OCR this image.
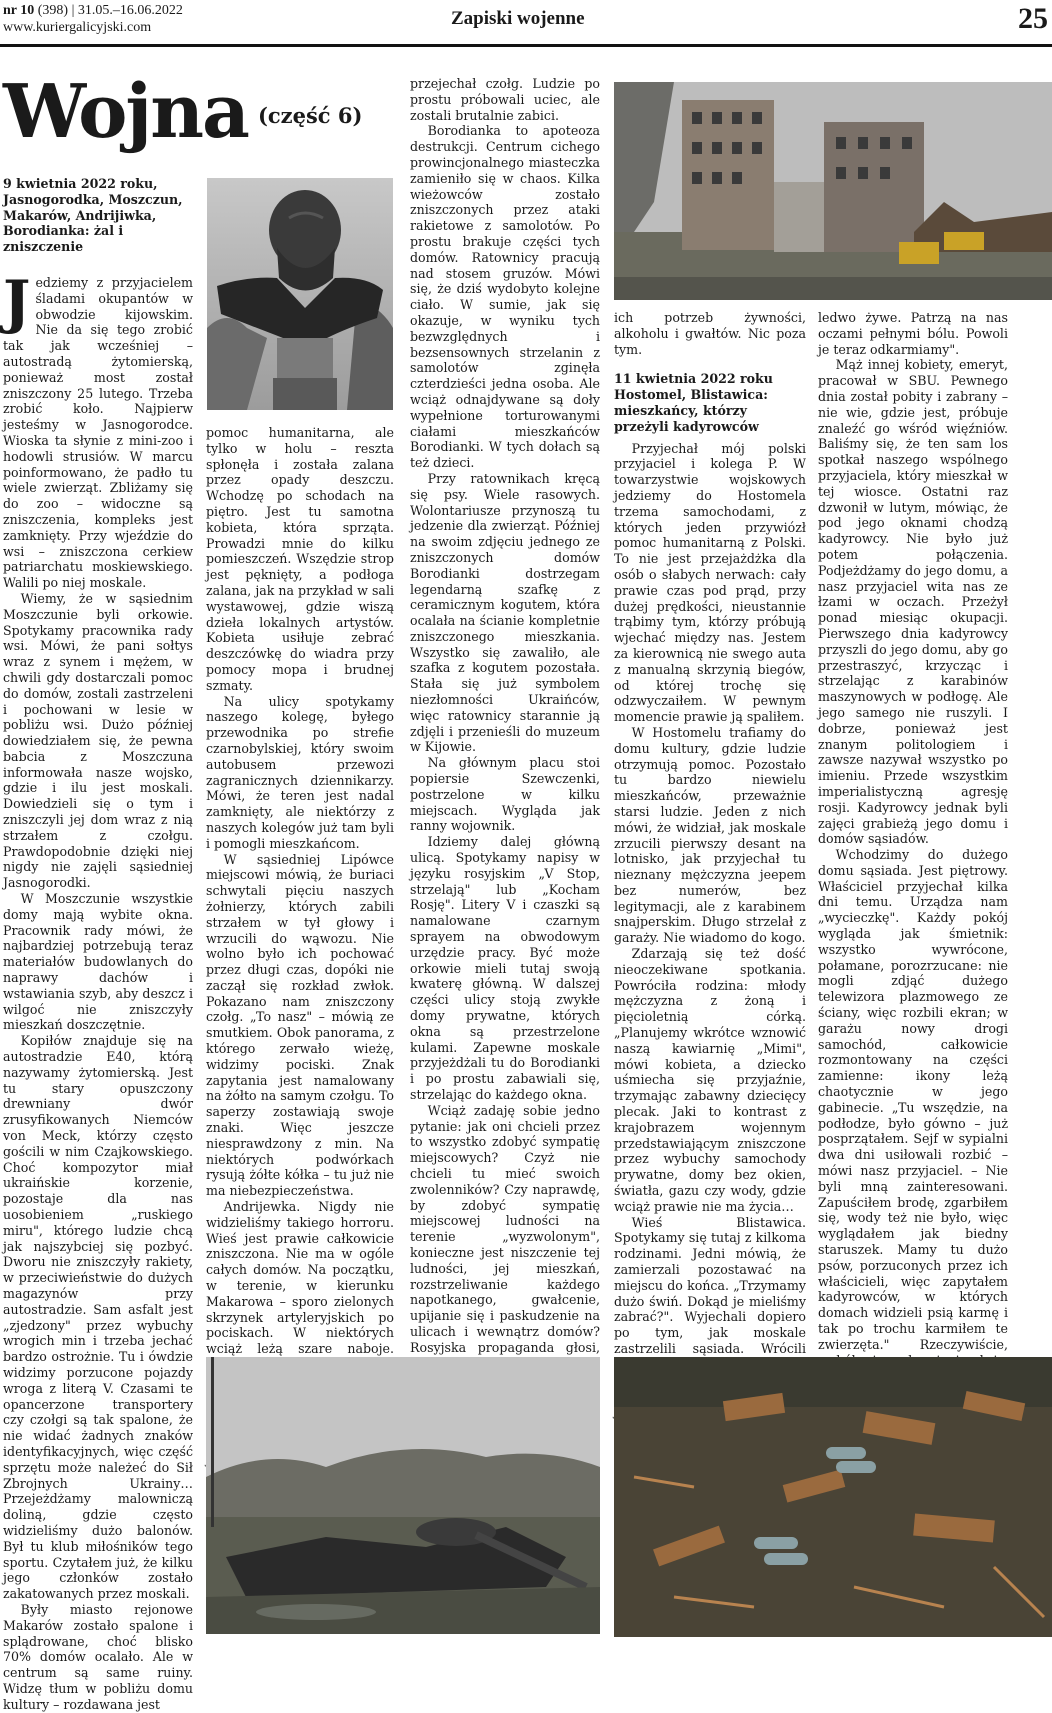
nr 10 (398) | 31.05.–16.06.2022
www.kuriergalicyjski.com	Zapiski wojenne	25
Wojna (część 6)
9 kwietnia 2022 roku, Jasnogorodka, Moszczun, Makarów, Andrijiwka, Borodianka: żal i zniszczenie

Jedziemy z przyjacielem śladami okupantów w obwodzie kijowskim. Nie da się tego zrobić tak jak wcześniej – autostradą żytomierską, ponieważ most został zniszczony 25 lutego. Trzeba zrobić koło. Najpierw jesteśmy w Jasnogorodce. Wioska ta słynie z mini-zoo i hodowli strusiów. W marcu poinformowano, że padło tu wiele zwierząt. Zbliżamy się do zoo – widoczne są zniszczenia, kompleks jest zamknięty. Przy wjeździe do wsi – zniszczona cerkiew patriarchatu moskiewskiego. Walili po niej moskale.

Wiemy, że w sąsiednim Moszczunie byli orkowie. Spotykamy pracownika rady wsi. Mówi, że pani sołtys wraz z synem i mężem, w chwili gdy dostarczali pomoc do domów, zostali zastrzeleni i pochowani w lesie w pobliżu wsi. Dużo później dowiedziałem się, że pewna babcia z Moszczuna informowała nasze wojsko, gdzie i ilu jest moskali. Dowiedzieli się o tym i zniszczyli jej dom wraz z nią strzałem z czołgu. Prawdopodobnie dzięki niej nigdy nie zajęli sąsiedniej Jasnogorodki.

W Moszczunie wszystkie domy mają wybite okna. Pracownik rady mówi, że najbardziej potrzebują teraz materiałów budowlanych do naprawy dachów i wstawiania szyb, aby deszcz i wilgoć nie zniszczyły mieszkań doszczętnie.

Kopiłów znajduje się na autostradzie E40, którą nazywamy żytomierską. Jest tu stary opuszczony drewniany dwór zrusyfikowanych Niemców von Meck, którzy często gościli w nim Czajkowskiego. Choć kompozytor miał ukraińskie korzenie, pozostaje dla nas uosobieniem „ruskiego miru", którego ludzie chcą jak najszybciej się pozbyć. Dworu nie zniszczyły rakiety, w przeciwieństwie do dużych magazynów przy autostradzie. Sam asfalt jest „zjedzony" przez wybuchy wrogich min i trzeba jechać bardzo ostrożnie. Tu i ówdzie widzimy porzucone pojazdy wroga z literą V. Czasami te opancerzone transportery czy czołgi są tak spalone, że nie widać żadnych znaków identyfikacyjnych, więc część sprzętu może należeć do Sił Zbrojnych Ukrainy… Przejeżdżamy malowniczą doliną, gdzie często widzieliśmy dużo balonów. Był tu klub miłośników tego sportu. Czytałem już, że kilku jego członków zostało zakatowanych przez moskali.

Były miasto rejonowe Makarów zostało spalone i splądrowane, choć blisko 70% domów ocalało. Ale w centrum są same ruiny. Widzę tłum w pobliżu domu kultury – rozdawana jest

pomoc humanitarna, ale tylko w holu – reszta spłonęła i została zalana przez opady deszczu. Wchodzę po schodach na piętro. Jest tu samotna kobieta, która sprząta. Prowadzi mnie do kilku pomieszczeń. Wszędzie strop jest pęknięty, a podłoga zalana, jak na przykład w sali wystawowej, gdzie wiszą dzieła lokalnych artystów. Kobieta usiłuje zebrać deszczówkę do wiadra przy pomocy mopa i brudnej szmaty.

Na ulicy spotykamy naszego kolegę, byłego przewodnika po strefie czarnobylskiej, który swoim autobusem przewozi zagranicznych dziennikarzy. Mówi, że teren jest nadal zamknięty, ale niektórzy z naszych kolegów już tam byli i pomogli mieszkańcom.

W sąsiedniej Lipówce miejscowi mówią, że buriaci schwytali pięciu naszych żołnierzy, których zabili strzałem w tył głowy i wrzucili do wąwozu. Nie wolno było ich pochować przez długi czas, dopóki nie zaczął się rozkład zwłok. Pokazano nam zniszczony czołg. „To nasz" – mówią ze smutkiem. Obok panorama, z którego zerwało wieżę, widzimy pociski. Znak zapytania jest namalowany na żółto na samym czołgu. To saperzy zostawiają swoje znaki. Więc jeszcze niesprawdzony z min. Na niektórych podwórkach rysują żółte kółka – tu już nie ma niebezpieczeństwa.

Andrijewka. Nigdy nie widzieliśmy takiego horroru. Wieś jest prawie całkowicie zniszczona. Nie ma w ogóle całych domów. Na początku, w terenie, w kierunku Makarowa – sporo zielonych skrzynek artyleryjskich po pociskach. W niektórych wciąż leżą szare naboje.

przejechał czołg. Ludzie po prostu próbowali uciec, ale zostali brutalnie zabici.

Borodianka to apoteoza destrukcji. Centrum cichego prowincjonalnego miasteczka zamieniło się w chaos. Kilka wieżowców zostało zniszczonych przez ataki rakietowe z samolotów. Po prostu brakuje części tych domów. Ratownicy pracują nad stosem gruzów. Mówi się, że dziś wydobyto kolejne ciało. W sumie, jak się okazuje, w wyniku tych bezwzględnych i bezsensownych strzelanin z samolotów zginęła czterdzieści jedna osoba. Ale wciąż odnajdywane są doły wypełnione torturowanymi ciałami mieszkańców Borodianki. W tych dołach są też dzieci.

Przy ratownikach kręcą się psy. Wiele rasowych. Wolontariusze przynoszą tu jedzenie dla zwierząt. Później na swoim zdjęciu jednego ze zniszczonych domów Borodianki dostrzegam legendarną szafkę z ceramicznym kogutem, która ocalała na ścianie kompletnie zniszczonego mieszkania. Wszystko się zawaliło, ale szafka z kogutem pozostała. Stała się już symbolem niezłomności Ukraińców, więc ratownicy starannie ją zdjęli i przenieśli do muzeum w Kijowie.

Na głównym placu stoi popiersie Szewczenki, postrzelone w kilku miejscach. Wygląda jak ranny wojownik.

Idziemy dalej główną ulicą. Spotykamy napisy w języku rosyjskim „V Stop, strzelają" lub „Kocham Rosję". Litery V i czaszki są namalowane czarnym sprayem na obwodowym urzędzie pracy. Być może orkowie mieli tutaj swoją kwaterę główną. W dalszej części ulicy stoją zwykłe domy prywatne, których okna są przestrzelone kulami. Zapewne moskale przyjeżdżali tu do Borodianki i po prostu zabawiali się, strzelając do każdego okna.

Wciąż zadaję sobie jedno pytanie: jak oni chcieli przez to wszystko zdobyć sympatię miejscowych? Czyż nie chcieli tu mieć swoich zwolenników? Czy naprawdę, by zdobyć sympatię miejscowej ludności na terenie „wyzwolonym", konieczne jest niszczenie tej ludności, jej mieszkań, rozstrzeliwanie każdego napotkanego, gwałcenie, upijanie się i paskudzenie na ulicach i wewnątrz domów? Rosyjska propaganda głosi,

ich potrzeb żywności, alkoholu i gwałtów. Nic poza tym.

11 kwietnia 2022 roku Hostomel, Blistawica: mieszkańcy, którzy przeżyli kadyrowców

Przyjechał mój polski przyjaciel i kolega P. W towarzystwie wojskowych jedziemy do Hostomela trzema samochodami, z których jeden przywiózł pomoc humanitarną z Polski. To nie jest przejażdżka dla osób o słabych nerwach: cały prawie czas pod prąd, przy dużej prędkości, nieustannie trąbimy tym, którzy próbują wjechać między nas. Jestem za kierownicą nie swego auta z manualną skrzynią biegów, od której trochę się odzwyczaiłem. W pewnym momencie prawie ją spaliłem.

W Hostomelu trafiamy do domu kultury, gdzie ludzie otrzymują pomoc. Pozostało tu bardzo niewielu mieszkańców, przeważnie starsi ludzie. Jeden z nich mówi, że widział, jak moskale zrzucili pierwszy desant na lotnisko, jak przyjechał tu nieznany mężczyzna jeepem bez numerów, bez legitymacji, ale z karabinem snajperskim. Długo strzelał z garaży. Nie wiadomo do kogo.

Zdarzają się też dość nieoczekiwane spotkania. Powróciła rodzina: młody mężczyzna z żoną i pięcioletnią córką. „Planujemy wkrótce wznowić naszą kawiarnię „Mimi", mówi kobieta, a dziecko uśmiecha się przyjaźnie, trzymając zabawny dziecięcy plecak. Jaki to kontrast z krajobrazem wojennym przedstawiającym zniszczone przez wybuchy samochody prywatne, domy bez okien, światła, gazu czy wody, gdzie wciąż prawie nie ma życia…

Wieś Blistawica. Spotykamy się tutaj z kilkoma rodzinami. Jedni mówią, że zamierzali pozostawać na miejscu do końca. „Trzymamy dużo świń. Dokąd je mieliśmy zabrać?". Wyjechali dopiero po tym, jak moskale zastrzelili sąsiada. Wrócili

ledwo żywe. Patrzą na nas oczami pełnymi bólu. Powoli je teraz odkarmiamy".

Mąż innej kobiety, emeryt, pracował w SBU. Pewnego dnia został pobity i zabrany – nie wie, gdzie jest, próbuje znaleźć go wśród więźniów. Baliśmy się, że ten sam los spotkał naszego wspólnego przyjaciela, który mieszkał w tej wiosce. Ostatni raz dzwonił w lutym, mówiąc, że pod jego oknami chodzą kadyrowcy. Nie było już potem połączenia. Podjeżdżamy do jego domu, a nasz przyjaciel wita nas ze łzami w oczach. Przeżył ponad miesiąc okupacji. Pierwszego dnia kadyrowcy przyszli do jego domu, aby go przestraszyć, krzycząc i strzelając z karabinów maszynowych w podłogę. Ale jego samego nie ruszyli. I dobrze, ponieważ jest znanym politologiem i zawsze nazywał wszystko po imieniu. Przede wszystkim imperialistyczną agresję rosji. Kadyrowcy jednak byli zajęci grabieżą jego domu i domów sąsiadów.

Wchodzimy do dużego domu sąsiada. Jest piętrowy. Właściciel przyjechał kilka dni temu. Urządza nam „wycieczkę". Każdy pokój wygląda jak śmietnik: wszystko wywrócone, połamane, porozrzucane: nie mogli zdjąć dużego telewizora plazmowego ze ściany, więc rozbili ekran; w garażu nowy drogi samochód, całkowicie rozmontowany na części zamienne: ikony leżą chaotycznie w jego gabinecie. „Tu wszędzie, na podłodze, było gówno – już posprzątałem. Sejf w sypialni dwa dni usiłowali rozbić – mówi nasz przyjaciel. – Nie byli mną zainteresowani. Zapuściłem brodę, zgarbiłem się, wody też nie było, więc wyglądałem jak biedny staruszek. Mamy tu dużo psów, porzuconych przez ich właścicieli, więc zapytałem kadyrowców, w których domach widzieli psią karmę i tak po trochu karmiłem te zwierzęta." Rzeczywiście,
